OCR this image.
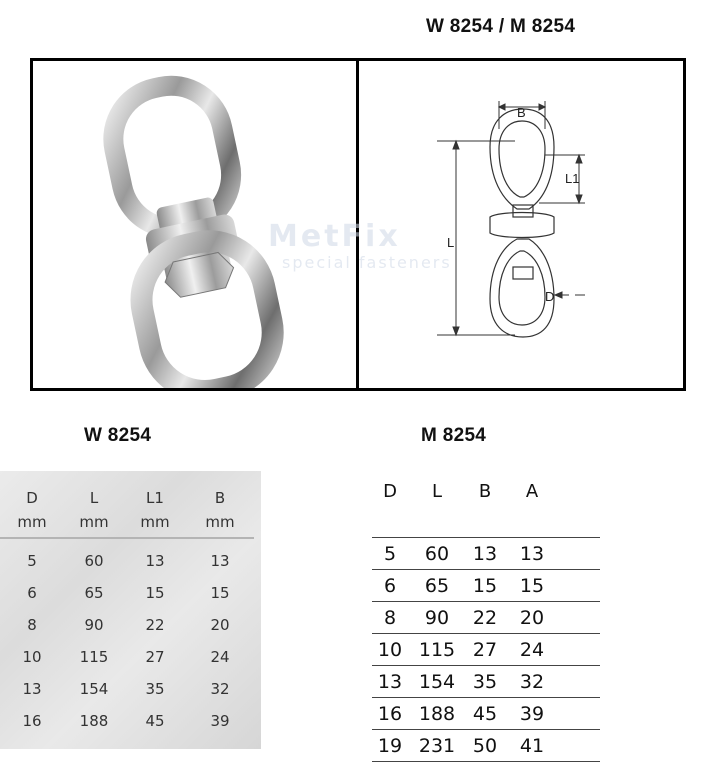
W 8254 / M 8254
B
L1
L
D
MetFix
special fasteners
W 8254	M 8254
D	L	L1	B
mm	mm	mm	mm
5	60	13	13
6	65	15	15
8	90	22	20
10	115	27	24
13	154	35	32
16	188	45	39
D	L	B	A	

5	60	13	13	
6	65	15	15	
8	90	22	20	
10	115	27	24	
13	154	35	32	
16	188	45	39	
19	231	50	41	
